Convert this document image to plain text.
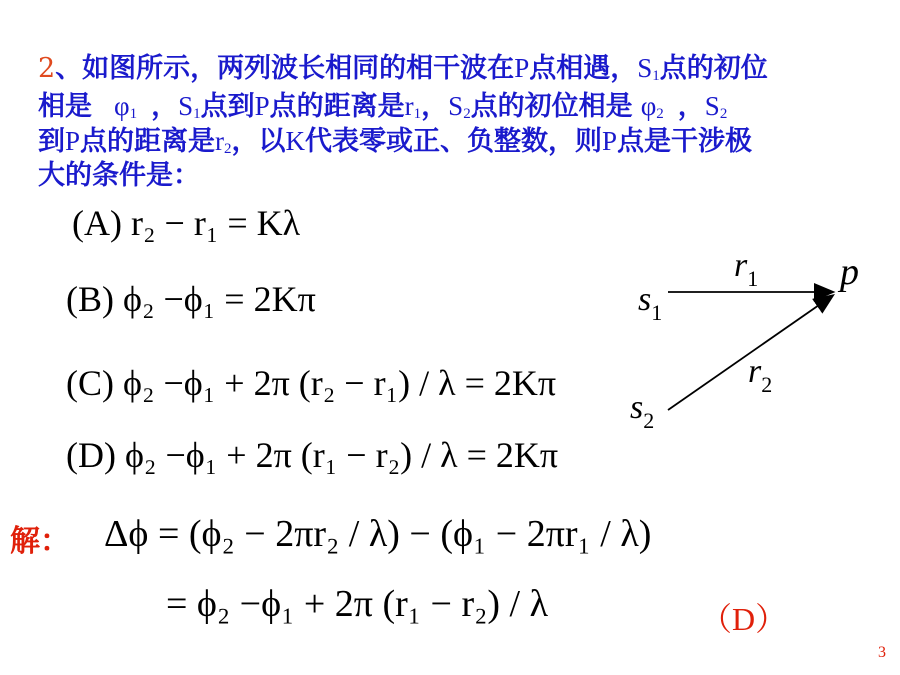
2、如图所示，两列波长相同的相干波在P点相遇，$S_1$点的初位
相是 $\varphi_1$ ，$S_1$点到P点的距离是$r_1$，$S_2$点的初位相是 $\varphi_2$ ，$S_2$
到P点的距离是$r_2$，以K代表零或正、负整数，则P点是干涉极
大的条件是：
(A) r₂ − r₁ = Kλ
(B) ϕ₂ −ϕ₁ = 2Kπ
(C) ϕ₂ −ϕ₁ + 2π (r₂ − r₁) / λ = 2Kπ
(D) ϕ₂ −ϕ₁ + 2π (r₁ − r₂) / λ = 2Kπ
$s_1$
$s_2$
$r_1$
$r_2$
p
解： Δϕ = (ϕ₂ − 2πr₂ / λ) − (ϕ₁ − 2πr₁ / λ)
= ϕ₂ −ϕ₁ + 2π (r₁ − r₂) / λ	（D）
3
